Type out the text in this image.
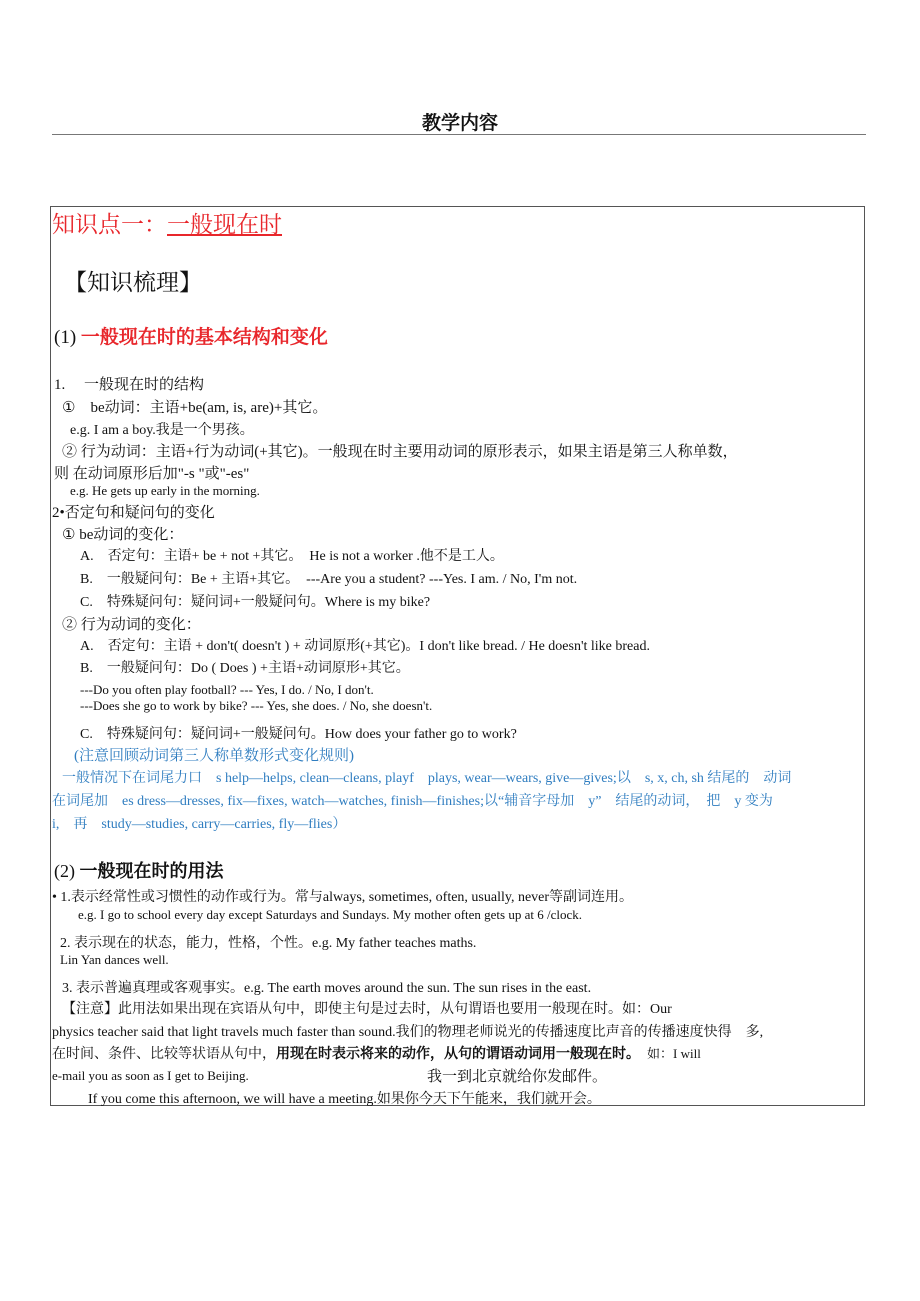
教学内容
知识点一：一般现在时
【知识梳理】
(1) 一般现在时的基本结构和变化
1.　 一般现在时的结构
①　be动词：主语+be(am, is, are)+其它。
e.g. I am a boy.我是一个男孩。
② 行为动词：主语+行为动词(+其它)。一般现在时主要用动词的原形表示，如果主语是第三人称单数，
则 在动词原形后加"-s "或"-es"
e.g. He gets up early in the morning.
2•否定句和疑问句的变化
① be动词的变化：
A.　否定句：主语+ be + not +其它。　He is not a worker .他不是工人。
B.　一般疑问句：Be + 主语+其它。　---Are you a student? ---Yes. I am. / No, I'm not.
C.　特殊疑问句：疑问词+一般疑问句。Where is my bike?
② 行为动词的变化：
A.　否定句：主语 + don't( doesn't ) + 动词原形(+其它)。I don't like bread. / He doesn't like bread.
B.　一般疑问句：Do ( Does ) +主语+动词原形+其它。
---Do you often play football? --- Yes, I do. / No, I don't.
---Does she go to work by bike? --- Yes, she does. / No, she doesn't.
C.　特殊疑问句：疑问词+一般疑问句。How does your father go to work?
(注意回顾动词第三人称单数形式变化规则)
一般情况下在词尾力口　s help—helps, clean—cleans, playf　plays, wear—wears, give—gives;以　s, x, ch, sh 结尾的　动词
在词尾加　es dress—dresses, fix—fixes, watch—watches, finish—finishes;以“辅音字母加　y”　结尾的动词，　把　y 变为
i,　再　study—studies, carry—carries, fly—flies）
(2) 一般现在时的用法
• 1.表示经常性或习惯性的动作或行为。常与always, sometimes, often, usually, never等副词连用。
e.g. I go to school every day except Saturdays and Sundays. My mother often gets up at 6 /clock.
2. 表示现在的状态，能力，性格，个性。e.g. My father teaches maths.
Lin Yan dances well.
3. 表示普遍真理或客观事实。e.g. The earth moves around the sun. The sun rises in the east.
【注意】此用法如果出现在宾语从句中，即使主句是过去时，从句谓语也要用一般现在时。如：Our
physics teacher said that light travels much faster than sound.我们的物理老师说光的传播速度比声音的传播速度快得　多,
在时间、条件、比较等状语从句中，用现在时表示将来的动作，从句的谓语动词用一般现在时。　 如：I will
e-mail you as soon as I get to Beijing.	我一到北京就给你发邮件。
If you come this afternoon, we will have a meeting.如果你今天下午能来，我们就开会。
